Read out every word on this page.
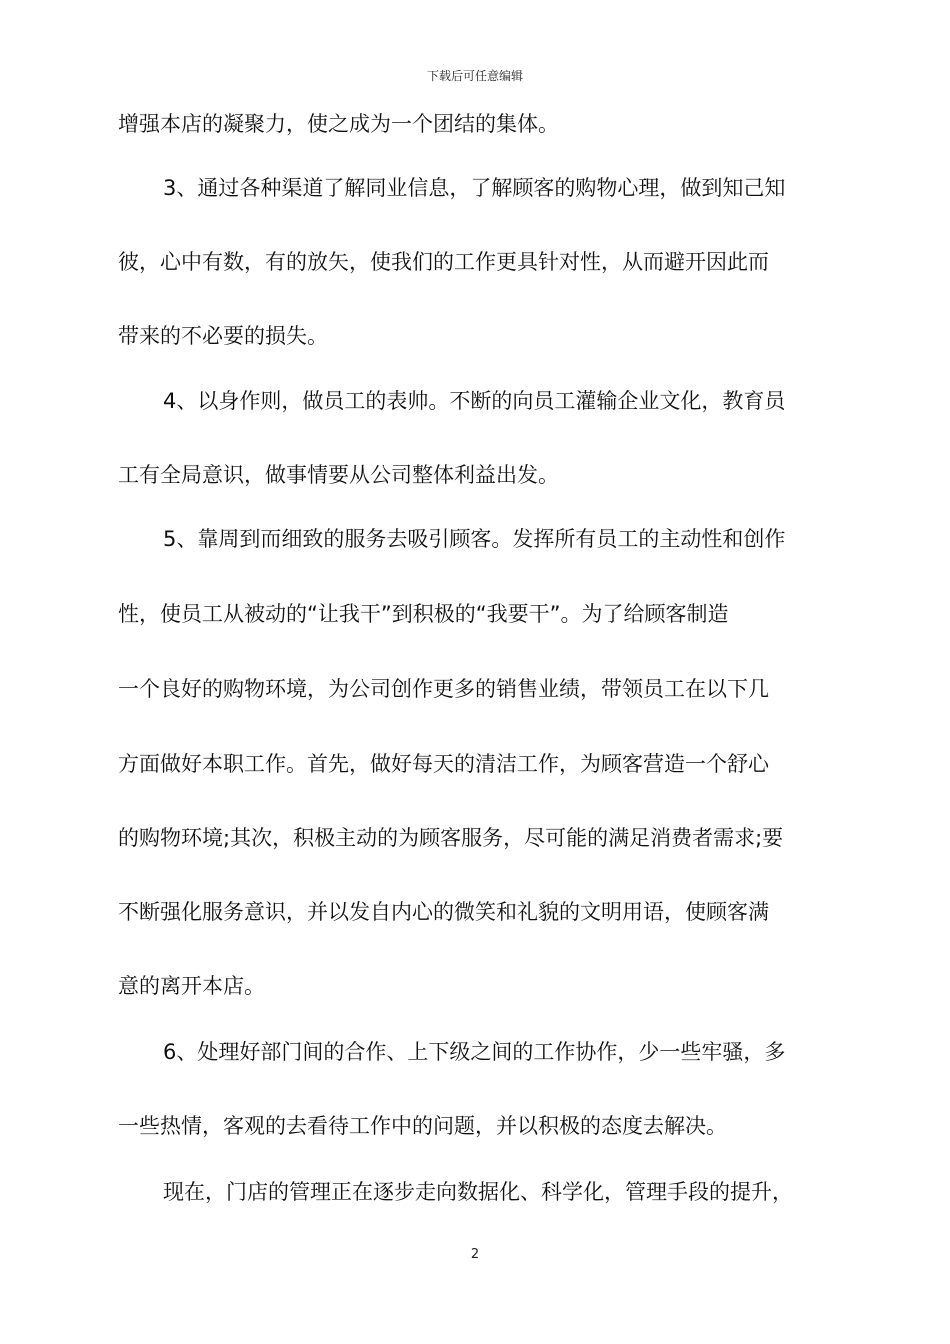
下载后可任意编辑
增强本店的凝聚力，使之成为一个团结的集体。
3、通过各种渠道了解同业信息，了解顾客的购物心理，做到知己知
彼，心中有数，有的放矢，使我们的工作更具针对性，从而避开因此而
带来的不必要的损失。
4、以身作则，做员工的表帅。不断的向员工灌输企业文化，教育员
工有全局意识，做事情要从公司整体利益出发。
5、靠周到而细致的服务去吸引顾客。发挥所有员工的主动性和创作
性，使员工从被动的“让我干”到积极的“我要干”。为了给顾客制造
一个良好的购物环境，为公司创作更多的销售业绩，带领员工在以下几
方面做好本职工作。首先，做好每天的清洁工作，为顾客营造一个舒心
的购物环境;其次，积极主动的为顾客服务，尽可能的满足消费者需求;要
不断强化服务意识，并以发自内心的微笑和礼貌的文明用语，使顾客满
意的离开本店。
6、处理好部门间的合作、上下级之间的工作协作，少一些牢骚，多
一些热情，客观的去看待工作中的问题，并以积极的态度去解决。
现在，门店的管理正在逐步走向数据化、科学化，管理手段的提升，
2
